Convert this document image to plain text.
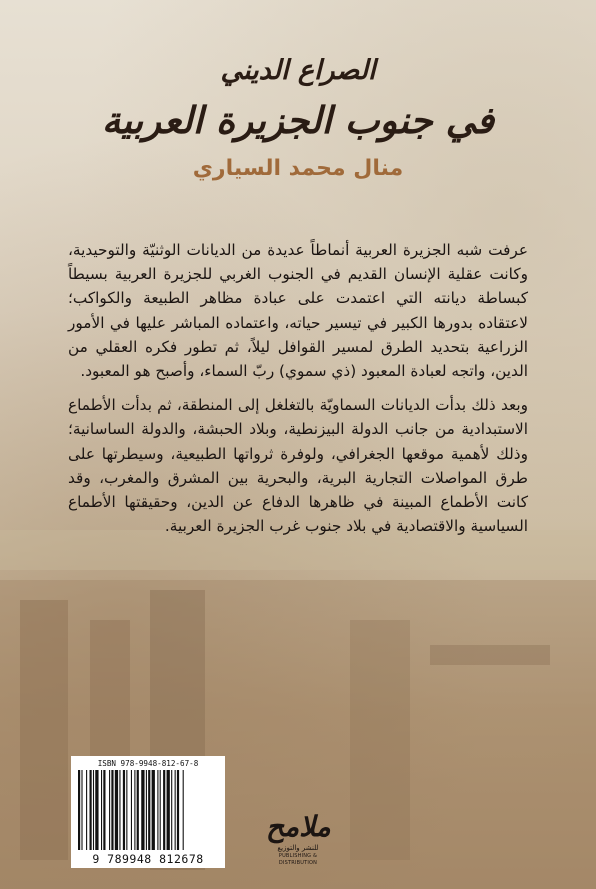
الصراع الديني
في جنوب الجزيرة العربية
منال محمد السياري

عرفت شبه الجزيرة العربية أنماطاً عديدة من الديانات الوثنيّة والتوحيدية، وكانت عقلية الإنسان القديم في الجنوب الغربي للجزيرة العربية بسيطاً كبساطة ديانته التي اعتمدت على عبادة مظاهر الطبيعة والكواكب؛ لاعتقاده بدورها الكبير في تيسير حياته، واعتماده المباشر عليها في الأمور الزراعية بتحديد الطرق لمسير القوافل ليلاً، ثم تطور فكره العقلي من الدين، واتجه لعبادة المعبود (ذي سموي) ربّ السماء، وأصبح هو المعبود.

وبعد ذلك بدأت الديانات السماويّة بالتغلغل إلى المنطقة، ثم بدأت الأطماع الاستبدادية من جانب الدولة البيزنطية، وبلاد الحبشة، والدولة الساسانية؛ وذلك لأهمية موقعها الجغرافي، ولوفرة ثرواتها الطبيعية، وسيطرتها على طرق المواصلات التجارية البرية، والبحرية بين المشرق والمغرب، وقد كانت الأطماع المبينة في ظاهرها الدفاع عن الدين، وحقيقتها الأطماع السياسية والاقتصادية في بلاد جنوب غرب الجزيرة العربية.

ISBN 978-9948-812-67-8
9 789948 812678
ملامح
للنشر والتوزيع
PUBLISHING & DISTRIBUTION
